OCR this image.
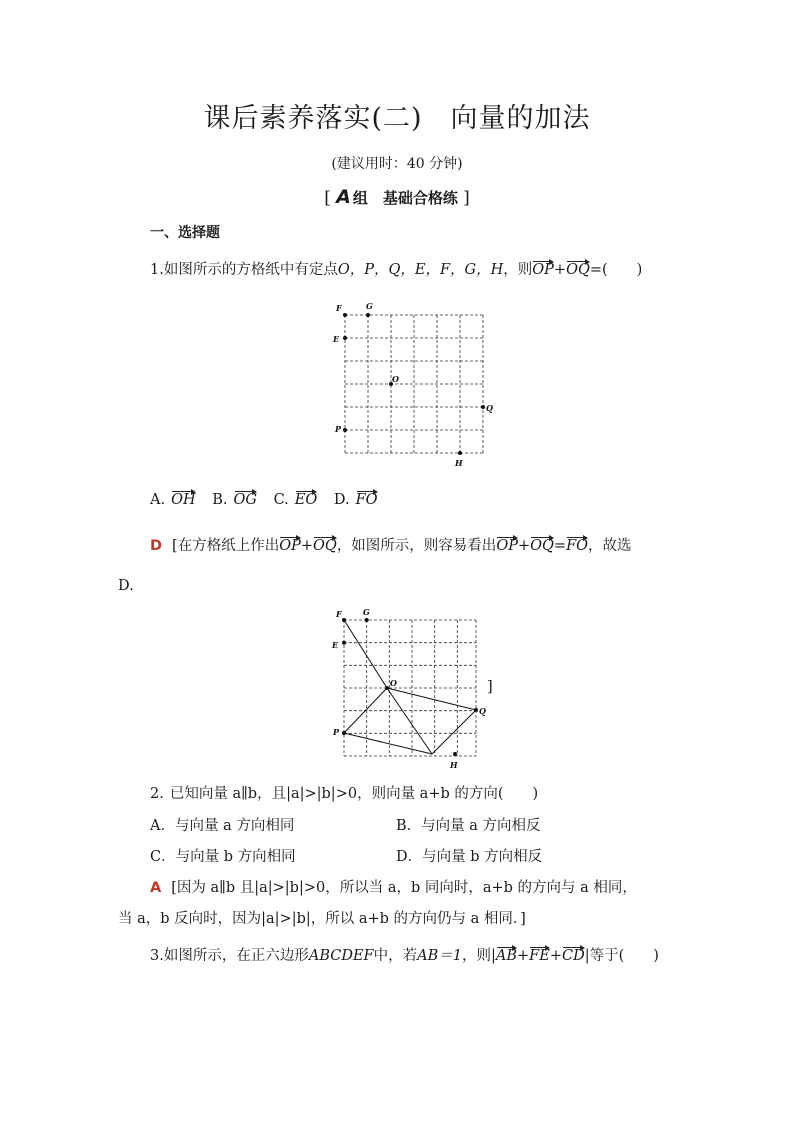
课后素养落实(二) 向量的加法
(建议用时：40 分钟)
[ A 组　基础合格练 ]
一、选择题
1.如图所示的方格纸中有定点O，P，Q，E，F，G，H，则OP+OQ=(　　)
F	G
E
O
Q
P
H
A. OH B. OG C. EO D. FO
D [在方格纸上作出OP+OQ，如图所示，则容易看出OP+OQ=FO，故选
D.
F	G
E
O
Q
P
H
]
2. 已知向量 a∥b，且|a|>|b|>0，则向量 a+b 的方向(　　)
A．与向量 a 方向相同	B．与向量 a 方向相反
C．与向量 b 方向相同	D．与向量 b 方向相反
A [因为 a∥b 且|a|>|b|>0，所以当 a，b 同向时，a+b 的方向与 a 相同，
当 a，b 反向时，因为|a|>|b|，所以 a+b 的方向仍与 a 相同．]
3.如图所示，在正六边形ABCDEF中，若AB＝1，则|AB+FE+CD|等于(　　)
